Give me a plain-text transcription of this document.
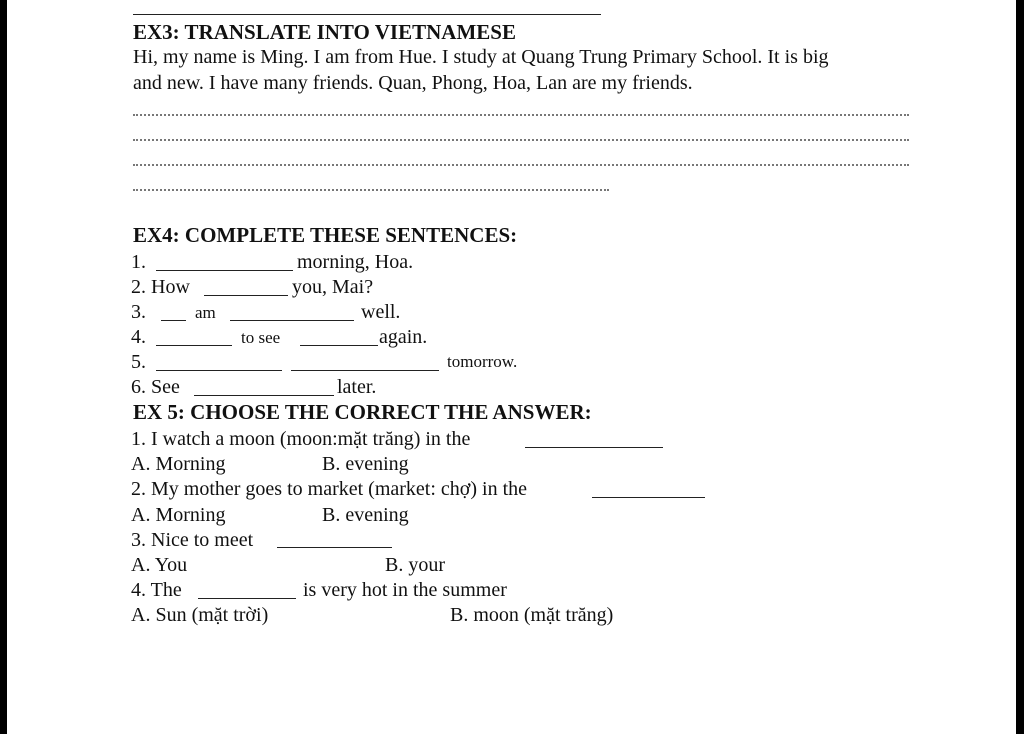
EX3: TRANSLATE INTO VIETNAMESE
Hi, my name is Ming. I am from Hue. I study at Quang Trung Primary School. It is big
and new. I have many friends. Quan, Phong, Hoa, Lan are my friends.
EX4: COMPLETE THESE SENTENCES:
1.	morning, Hoa.
2. How	you, Mai?
3.	am	well.
4.	to see	again.
5.	tomorrow.
6. See	later.
EX 5: CHOOSE THE CORRECT THE ANSWER:
1. I watch a moon (moon:mặt trăng) in the
A. Morning	B. evening
2. My mother goes to market (market: chợ) in the
A. Morning	B. evening
3. Nice to meet
A. You	B. your
4. The	is very hot in the summer
A. Sun (mặt trời)	B. moon (mặt trăng)
